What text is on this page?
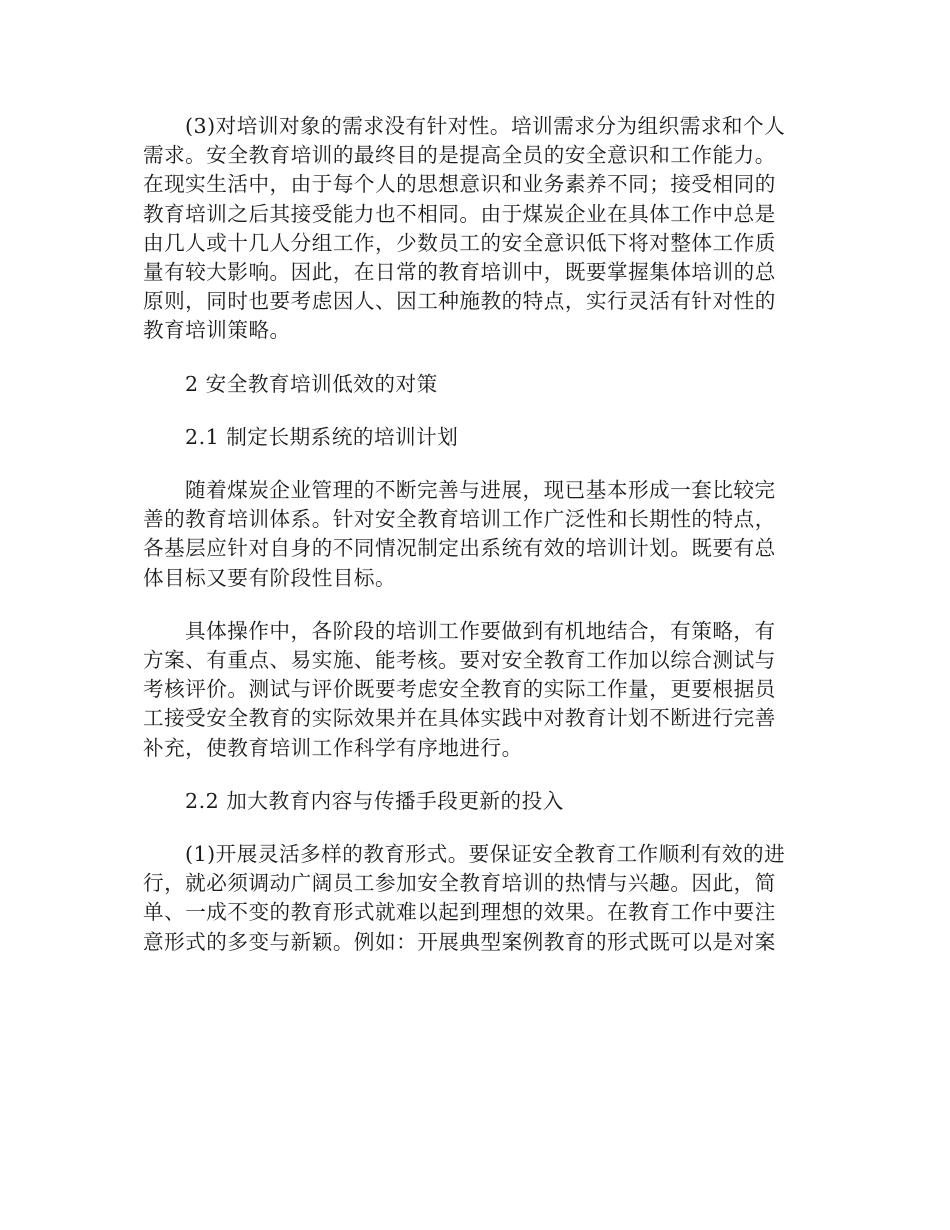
(3)对培训对象的需求没有针对性。培训需求分为组织需求和个人
需求。安全教育培训的最终目的是提高全员的安全意识和工作能力。
在现实生活中，由于每个人的思想意识和业务素养不同；接受相同的
教育培训之后其接受能力也不相同。由于煤炭企业在具体工作中总是
由几人或十几人分组工作，少数员工的安全意识低下将对整体工作质
量有较大影响。因此，在日常的教育培训中，既要掌握集体培训的总
原则，同时也要考虑因人、因工种施教的特点，实行灵活有针对性的
教育培训策略。

2 安全教育培训低效的对策

2.1 制定长期系统的培训计划

随着煤炭企业管理的不断完善与进展，现已基本形成一套比较完
善的教育培训体系。针对安全教育培训工作广泛性和长期性的特点，
各基层应针对自身的不同情况制定出系统有效的培训计划。既要有总
体目标又要有阶段性目标。

具体操作中，各阶段的培训工作要做到有机地结合，有策略，有
方案、有重点、易实施、能考核。要对安全教育工作加以综合测试与
考核评价。测试与评价既要考虑安全教育的实际工作量，更要根据员
工接受安全教育的实际效果并在具体实践中对教育计划不断进行完善
补充，使教育培训工作科学有序地进行。

2.2 加大教育内容与传播手段更新的投入

(1)开展灵活多样的教育形式。要保证安全教育工作顺利有效的进
行，就必须调动广阔员工参加安全教育培训的热情与兴趣。因此，简
单、一成不变的教育形式就难以起到理想的效果。在教育工作中要注
意形式的多变与新颖。例如：开展典型案例教育的形式既可以是对案
